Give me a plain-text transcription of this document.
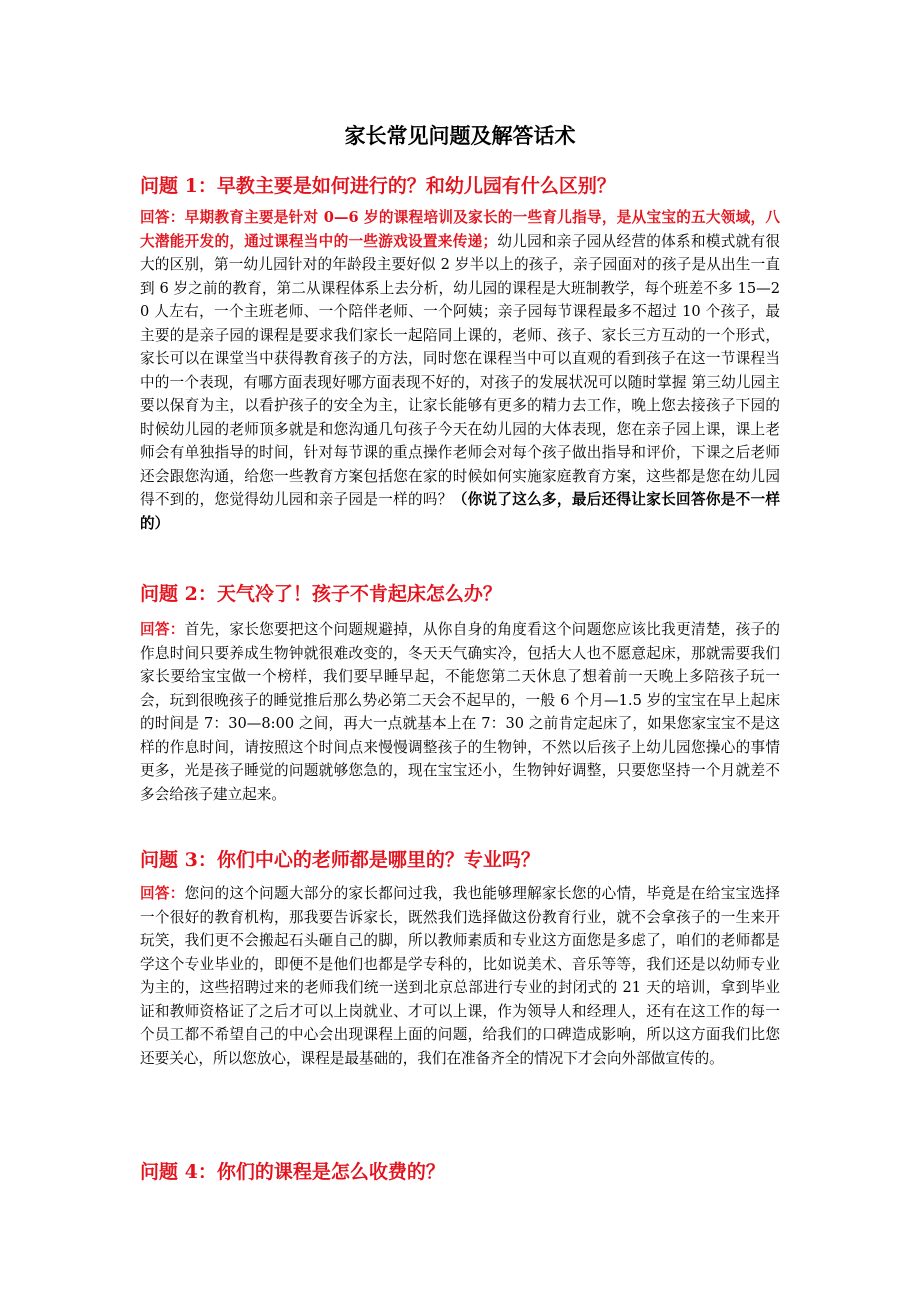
家长常见问题及解答话术
问题 1：早教主要是如何进行的？和幼儿园有什么区别？
回答：早期教育主要是针对 0—6 岁的课程培训及家长的一些育儿指导，是从宝宝的五大领域，八大潜能开发的，通过课程当中的一些游戏设置来传递；幼儿园和亲子园从经营的体系和模式就有很大的区别，第一幼儿园针对的年龄段主要好似 2 岁半以上的孩子，亲子园面对的孩子是从出生一直到 6 岁之前的教育，第二从课程体系上去分析，幼儿园的课程是大班制教学，每个班差不多 15—20 人左右，一个主班老师、一个陪伴老师、一个阿姨；亲子园每节课程最多不超过 10 个孩子，最主要的是亲子园的课程是要求我们家长一起陪同上课的，老师、孩子、家长三方互动的一个形式，家长可以在课堂当中获得教育孩子的方法，同时您在课程当中可以直观的看到孩子在这一节课程当中的一个表现，有哪方面表现好哪方面表现不好的，对孩子的发展状况可以随时掌握 第三幼儿园主要以保育为主，以看护孩子的安全为主，让家长能够有更多的精力去工作，晚上您去接孩子下园的时候幼儿园的老师顶多就是和您沟通几句孩子今天在幼儿园的大体表现，您在亲子园上课，课上老师会有单独指导的时间，针对每节课的重点操作老师会对每个孩子做出指导和评价，下课之后老师还会跟您沟通，给您一些教育方案包括您在家的时候如何实施家庭教育方案，这些都是您在幼儿园得不到的，您觉得幼儿园和亲子园是一样的吗？（你说了这么多，最后还得让家长回答你是不一样的）
问题 2：天气冷了！孩子不肯起床怎么办？
回答：首先，家长您要把这个问题规避掉，从你自身的角度看这个问题您应该比我更清楚，孩子的作息时间只要养成生物钟就很难改变的，冬天天气确实冷，包括大人也不愿意起床，那就需要我们家长要给宝宝做一个榜样，我们要早睡早起，不能您第二天休息了想着前一天晚上多陪孩子玩一会，玩到很晚孩子的睡觉推后那么势必第二天会不起早的，一般 6 个月—1.5 岁的宝宝在早上起床的时间是 7：30—8:00 之间，再大一点就基本上在 7：30 之前肯定起床了，如果您家宝宝不是这样的作息时间，请按照这个时间点来慢慢调整孩子的生物钟，不然以后孩子上幼儿园您操心的事情更多，光是孩子睡觉的问题就够您急的，现在宝宝还小，生物钟好调整，只要您坚持一个月就差不多会给孩子建立起来。
问题 3：你们中心的老师都是哪里的？专业吗？
回答：您问的这个问题大部分的家长都问过我，我也能够理解家长您的心情，毕竟是在给宝宝选择一个很好的教育机构，那我要告诉家长，既然我们选择做这份教育行业，就不会拿孩子的一生来开玩笑，我们更不会搬起石头砸自己的脚，所以教师素质和专业这方面您是多虑了，咱们的老师都是学这个专业毕业的，即便不是他们也都是学专科的，比如说美术、音乐等等，我们还是以幼师专业为主的，这些招聘过来的老师我们统一送到北京总部进行专业的封闭式的 21 天的培训，拿到毕业证和教师资格证了之后才可以上岗就业、才可以上课，作为领导人和经理人，还有在这工作的每一个员工都不希望自己的中心会出现课程上面的问题，给我们的口碑造成影响，所以这方面我们比您还要关心，所以您放心，课程是最基础的，我们在准备齐全的情况下才会向外部做宣传的。
问题 4：你们的课程是怎么收费的？
